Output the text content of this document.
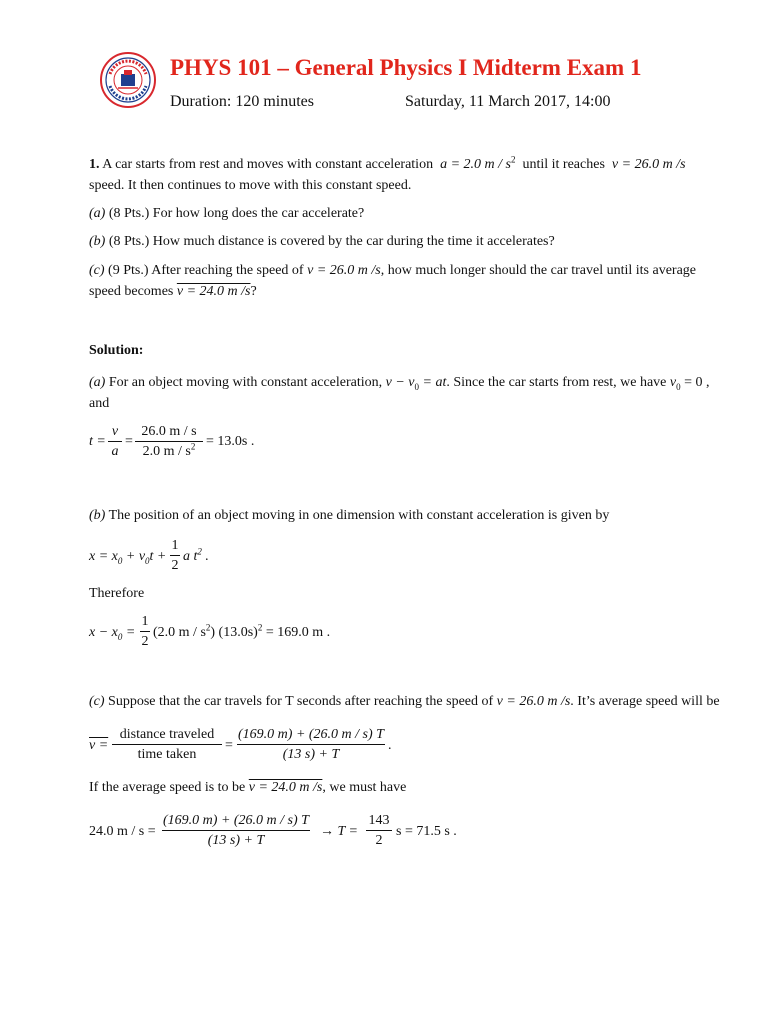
PHYS 101 – General Physics I Midterm Exam 1
Duration: 120 minutes	Saturday, 11 March 2017, 14:00
1. A car starts from rest and moves with constant acceleration a = 2.0 m / $s^2$ until it reaches v = 26.0 m /s
speed. It then continues to move with this constant speed.
(a) (8 Pts.) For how long does the car accelerate?
(b) (8 Pts.) How much distance is covered by the car during the time it accelerates?
(c) (9 Pts.) After reaching the speed of v = 26.0 m /s, how much longer should the car travel until its average
speed becomes v = 24.0 m /s?
Solution:
(a) For an object moving with constant acceleration, $v - v_0$ = at. Since the car starts from rest, we have $v_0 = 0$ ,
and
t =
v
a
=
26.0 m / s
2.0 $m / s^2 = 13.0s$ .
(b) The position of an object moving in one dimension with constant acceleration is given by
$x = x_0 + v_0t$ +
1
2
a $t^2$ .
Therefore
$x - x_0$ =
1
2
(2.0 m / $s^2$) $(13.0s)^2 = 169.0$ m .
(c) Suppose that the car travels for T seconds after reaching the speed of v = 26.0 m /s. It’s average speed will be
v =
distance traveled
time taken
=
(169.0 m) + (26.0 m / s) T
(13 s) + T
.
If the average speed is to be v = 24.0 m /s, we must have
24.0 m / s =
(169.0 m) + (26.0 m / s) T
(13 s) + T
→ T =
143
2
s = 71.5 s .
